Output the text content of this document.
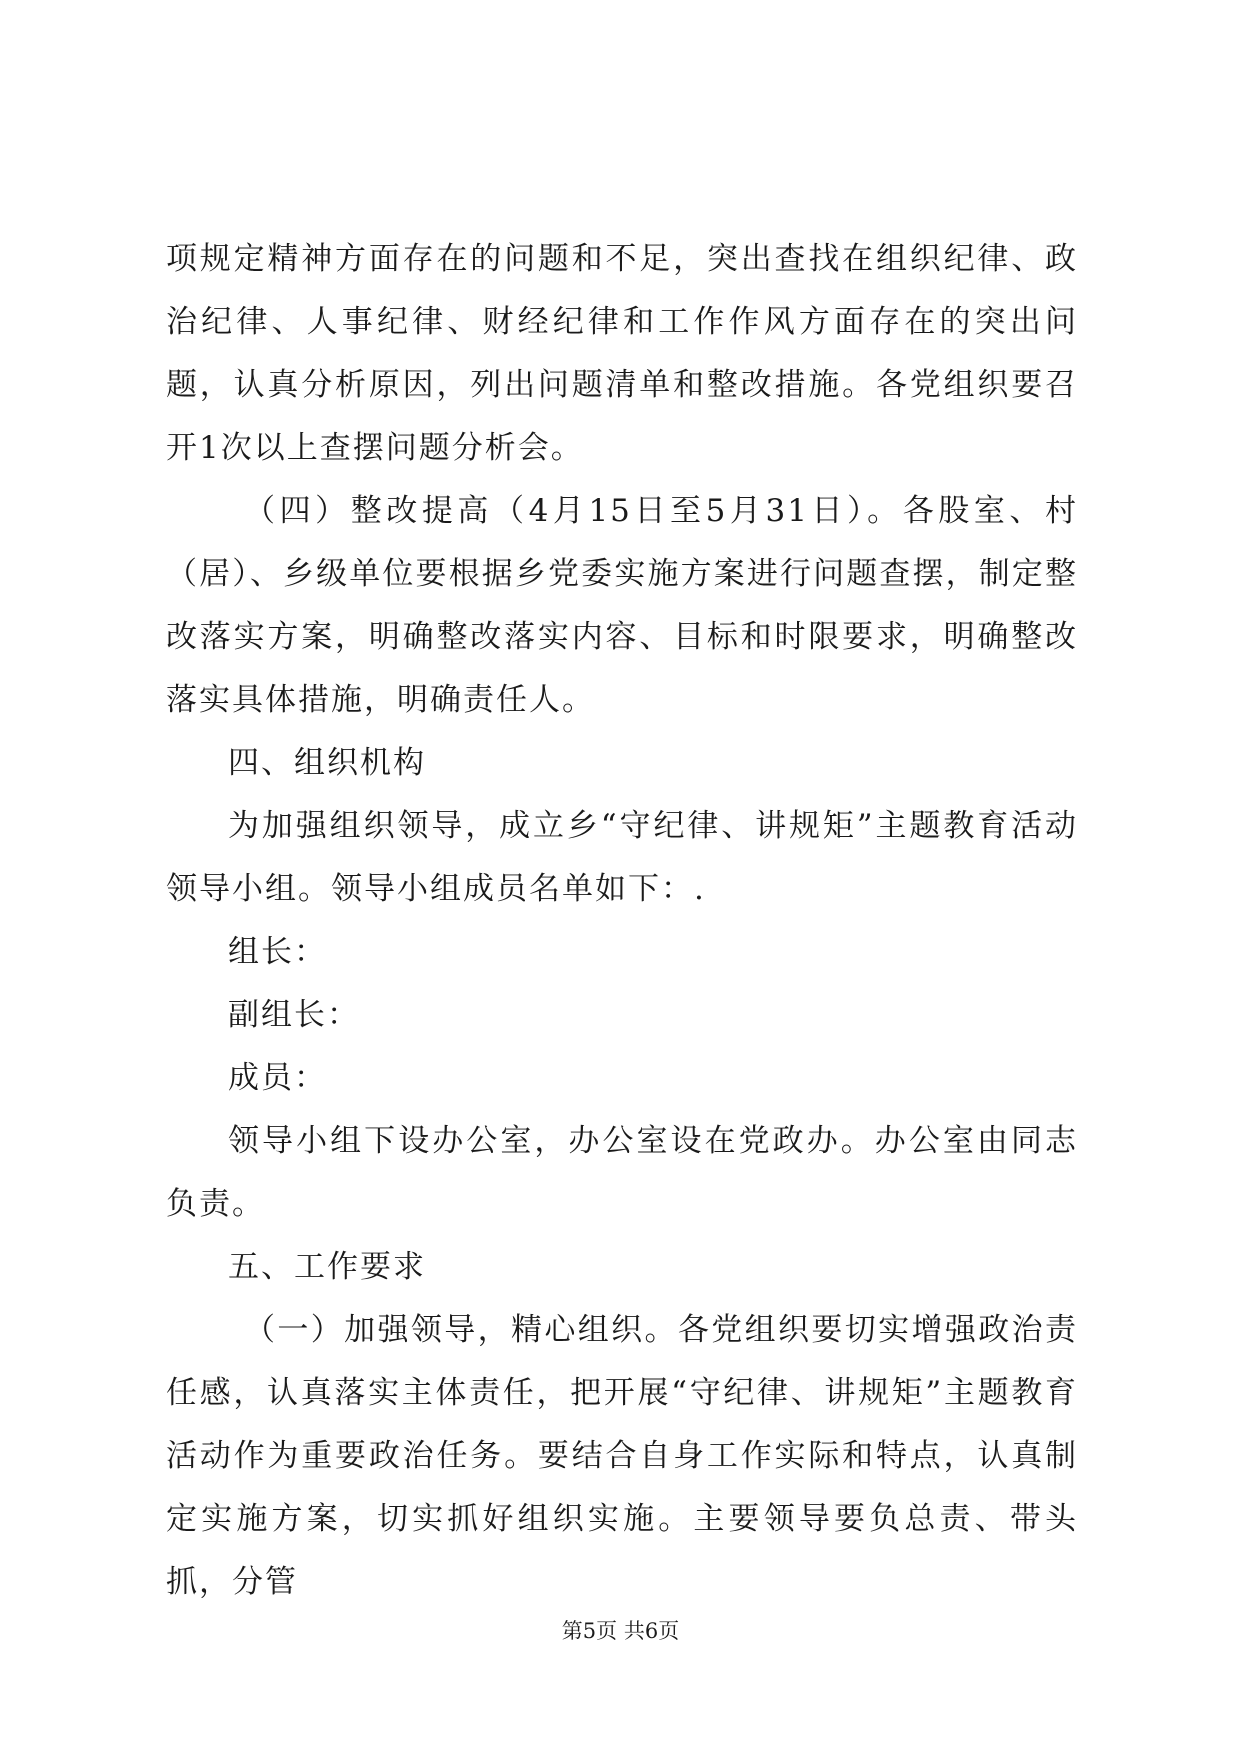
项规定精神方面存在的问题和不足，突出查找在组织纪律、政治纪律、人事纪律、财经纪律和工作作风方面存在的突出问题，认真分析原因，列出问题清单和整改措施。各党组织要召开1次以上查摆问题分析会。

（四）整改提高（4月15日至5月31日）。各股室、村（居）、乡级单位要根据乡党委实施方案进行问题查摆，制定整改落实方案，明确整改落实内容、目标和时限要求，明确整改落实具体措施，明确责任人。

四、组织机构

为加强组织领导，成立乡“守纪律、讲规矩”主题教育活动领导小组。领导小组成员名单如下：.

组长：

副组长：

成员：

领导小组下设办公室，办公室设在党政办。办公室由同志负责。

五、工作要求

（一）加强领导，精心组织。各党组织要切实增强政治责任感，认真落实主体责任，把开展“守纪律、讲规矩”主题教育活动作为重要政治任务。要结合自身工作实际和特点，认真制定实施方案，切实抓好组织实施。主要领导要负总责、带头抓，分管

第5页 共6页
